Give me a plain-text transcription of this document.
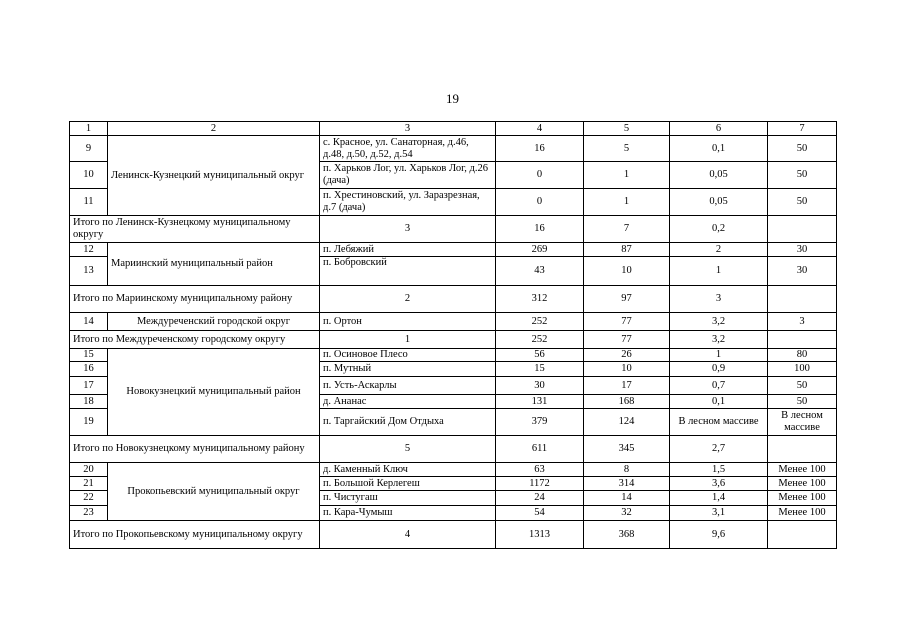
19
1	2	3	4	5	6	7
9	Ленинск-Кузнецкий муниципальный округ	с. Красное, ул. Санаторная, д.46, д.48, д.50, д.52, д.54	16	5	0,1	50
10		п. Харьков Лог, ул. Харьков Лог, д.26 (дача)	0	1	0,05	50
11		п. Хрестиновский, ул. Заразрезная, д.7 (дача)	0	1	0,05	50
Итого по Ленинск-Кузнецкому муниципальному округу		3	16	7	0,2	
12	Мариинский муниципальный район	п. Лебяжий	269	87	2	30
13		п. Бобровский	43	10	1	30
Итого по Мариинскому муниципальному району		2	312	97	3	
14	Междуреченский городской округ	п. Ортон	252	77	3,2	3
Итого по Междуреченскому городскому округу		1	252	77	3,2	
15	Новокузнецкий муниципальный район	п. Осиновое Плесо	56	26	1	80
16		п. Мутный	15	10	0,9	100
17		п. Усть-Аскарлы	30	17	0,7	50
18		д. Ананас	131	168	0,1	50
19		п. Таргайский Дом Отдыха	379	124	В лесном массиве	В лесном массиве
Итого по Новокузнецкому муниципальному району		5	611	345	2,7	
20	Прокопьевский муниципальный округ	д. Каменный Ключ	63	8	1,5	Менее 100
21		п. Большой Керлегеш	1172	314	3,6	Менее 100
22		п. Чистугаш	24	14	1,4	Менее 100
23		п. Кара-Чумыш	54	32	3,1	Менее 100
Итого по Прокопьевскому муниципальному округу		4	1313	368	9,6	
